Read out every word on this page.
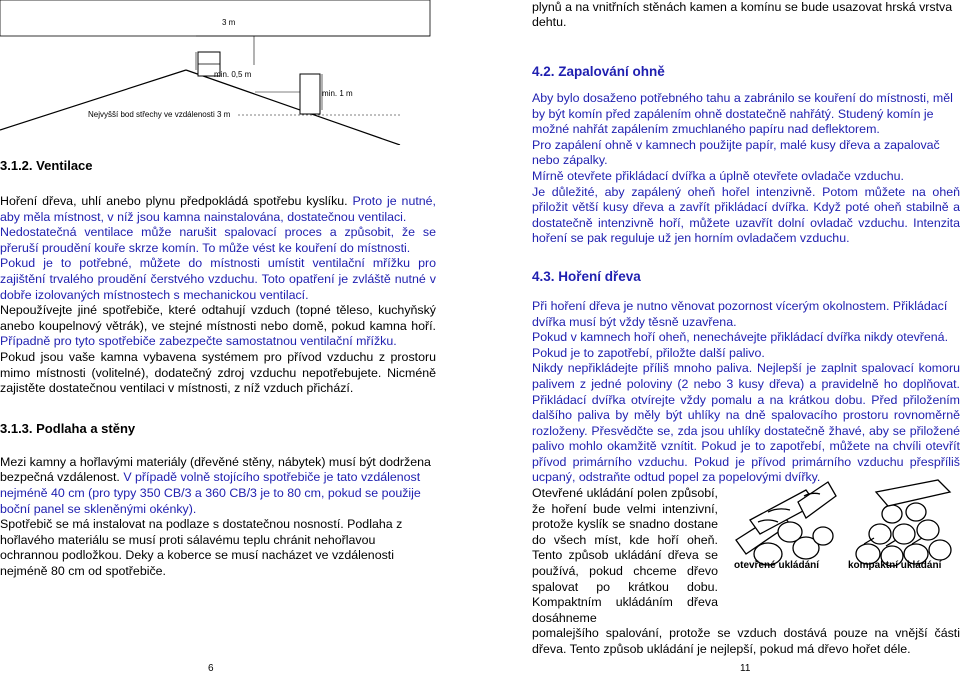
3 m
min. 0,5 m
min. 1 m
Nejvyšší bod střechy ve vzdálenosti 3 m

3.1.2. Ventilace

Hoření dřeva, uhlí anebo plynu předpokládá spotřebu kyslíku. Proto je nutné, aby měla místnost, v níž jsou kamna nainstalována, dostatečnou ventilaci.

Nedostatečná ventilace může narušit spalovací proces a způsobit, že se přeruší proudění kouře skrze komín. To může vést ke kouření do místnosti.

Pokud je to potřebné, můžete do místnosti umístit ventilační mřížku pro zajištění trvalého proudění čerstvého vzduchu. Toto opatření je zvláště nutné v dobře izolovaných místnostech s mechanickou ventilací.

Nepoužívejte jiné spotřebiče, které odtahují vzduch (topné těleso, kuchyňský anebo koupelnový větrák), ve stejné místnosti nebo domě, pokud kamna hoří. Případně pro tyto spotřebiče zabezpečte samostatnou ventilační mřížku.

Pokud jsou vaše kamna vybavena systémem pro přívod vzduchu z prostoru mimo místnosti (volitelné), dodatečný zdroj vzduchu nepotřebujete. Nicméně zajistěte dostatečnou ventilaci v místnosti, z níž vzduch přichází.

3.1.3. Podlaha a stěny

Mezi kamny a hořlavými materiály (dřevěné stěny, nábytek) musí být dodržena bezpečná vzdálenost. V případě volně stojícího spotřebiče je tato vzdálenost nejméně 40 cm (pro typy 350 CB/3 a 360 CB/3 je to 80 cm, pokud se použije boční panel se skleněnými okénky).

Spotřebič se má instalovat na podlaze s dostatečnou nosností. Podlaha z hořlavého materiálu se musí proti sálavému teplu chránit nehořlavou ochrannou podložkou. Deky a koberce se musí nacházet ve vzdálenosti nejméně 80 cm od spotřebiče.

6

plynů a na vnitřních stěnách kamen a komínu se bude usazovat hrská vrstva dehtu.

4.2. Zapalování ohně

Aby bylo dosaženo potřebného tahu a zabránilo se kouření do místnosti, měl by být komín před zapálením ohně dostatečně nahřátý. Studený komín je možné nahřát zapálením zmuchlaného papíru nad deflektorem.

Pro zapálení ohně v kamnech použijte papír, malé kusy dřeva a zapalovač nebo zápalky.

Mírně otevřete přikládací dvířka a úplně otevřete ovladače vzduchu.

Je důležité, aby zapálený oheň hořel intenzivně. Potom můžete na oheň přiložit větší kusy dřeva a zavřít přikládací dvířka. Když poté oheň stabilně a dostatečně intenzivně hoří, můžete uzavřít dolní ovladač vzduchu. Intenzita hoření se pak reguluje už jen horním ovladačem vzduchu.

4.3. Hoření dřeva

Při hoření dřeva je nutno věnovat pozornost vícerým okolnostem. Přikládací dvířka musí být vždy těsně uzavřena.

Pokud v kamnech hoří oheň, nenechávejte přikládací dvířka nikdy otevřená. Pokud je to zapotřebí, přiložte další palivo.

Nikdy nepřikládejte příliš mnoho paliva. Nejlepší je zaplnit spalovací komoru palivem z jedné poloviny (2 nebo 3 kusy dřeva) a pravidelně ho doplňovat. Přikládací dvířka otvírejte vždy pomalu a na krátkou dobu. Před přiložením dalšího paliva by měly být uhlíky na dně spalovacího prostoru rovnoměrně rozloženy. Přesvědčte se, zda jsou uhlíky dostatečně žhavé, aby se přiložené palivo mohlo okamžitě vznítit. Pokud je to zapotřebí, můžete na chvíli otevřít přívod primárního vzduchu. Pokud je přívod primárního vzduchu přespříliš ucpaný, odstraňte odtud popel za popelovými dvířky.

Otevřené ukládání polen způsobí, že hoření bude velmi intenzivní, protože kyslík se snadno dostane do všech míst, kde hoří oheň. Tento způsob ukládání dřeva se používá, pokud chceme dřevo spalovat po krátkou dobu. Kompaktním ukládáním dřeva dosáhneme

pomalejšího spalování, protože se vzduch dostává pouze na vnější části dřeva. Tento způsob ukládání je nejlepší, pokud má dřevo hořet déle.

otevřené ukládání	kompaktní ukládání
11
